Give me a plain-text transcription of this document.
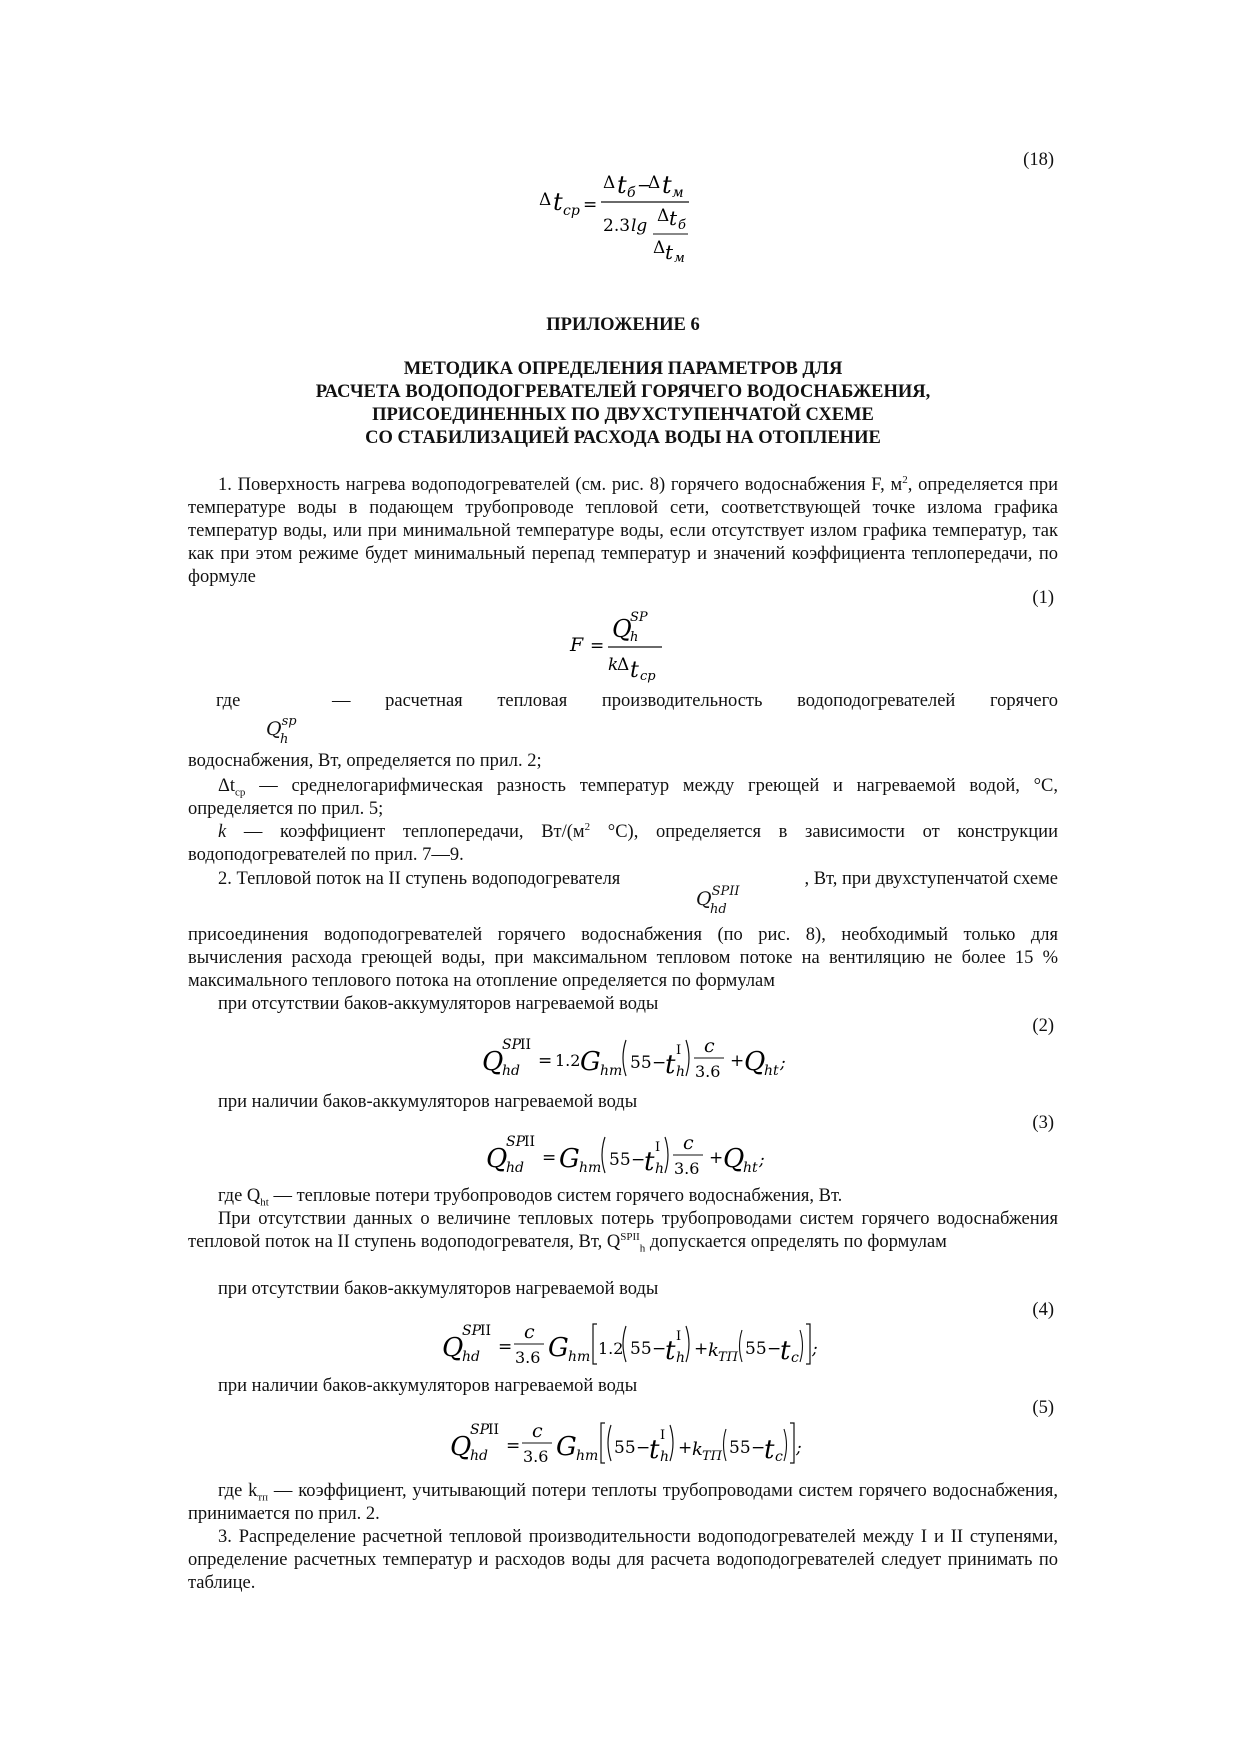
(18)
Δ t ср =
Δ t б −
Δ t м
2.3 lg Δ t б
Δ t м

ПРИЛОЖЕНИЕ 6

МЕТОДИКА ОПРЕДЕЛЕНИЯ ПАРАМЕТРОВ ДЛЯ
РАСЧЕТА ВОДОПОДОГРЕВАТЕЛЕЙ ГОРЯЧЕГО ВОДОСНАБЖЕНИЯ,
ПРИСОЕДИНЕННЫХ ПО ДВУХСТУПЕНЧАТОЙ СХЕМЕ
СО СТАБИЛИЗАЦИЕЙ РАСХОДА ВОДЫ НА ОТОПЛЕНИЕ

1. Поверхность нагрева водоподогревателей (см. рис. 8) горячего водоснабжения F, $м^2$, определяется при температуре воды в подающем трубопроводе тепловой сети, соответствующей точке излома графика температур воды, или при минимальной температуре воды, если отсутствует излом графика температур, так как при этом режиме будет минимальный перепад температур и значений коэффициента теплопередачи, по формуле

(1)
F =
Q
SP
h
k
Δ t ср
где	— расчетная тепловая производительность водоподогревателей горячего

$Q^{sp}$
h

водоснабжения, Вт, определяется по прил. 2;

$\Delta t_{ср}$ — среднелогарифмическая разность температур между греющей и нагреваемой водой, °С, определяется по прил. 5;

k — коэффициент теплопередачи, $Вт/(м^2$ °С), определяется в зависимости от конструкции водоподогревателей по прил. 7—9.

2. Тепловой поток на II ступень водоподогревателя	, Вт, при двухступенчатой схеме

$Q^{SPII}$
hd

присоединения водоподогревателей горячего водоснабжения (по рис. 8), необходимый только для вычисления расхода греющей воды, при максимальном тепловом потоке на вентиляцию не более 15 % максимального теплового потока на отопление определяется по формулам

при отсутствии баков-аккумуляторов нагреваемой воды

(2)
Q
SP
II
hd = 1.2 G hm 55 −
t I
h
c
3.6
+ Q
ht ;

при наличии баков-аккумуляторов нагреваемой воды

(3)
Q
SP
II
hd = G hm 55 −
t I
h
c
3.6
+ Q
ht ;

где $Q_{ht}$ — тепловые потери трубопроводов систем горячего водоснабжения, Вт.

При отсутствии данных о величине тепловых потерь трубопроводами систем горячего водоснабжения тепловой поток на II ступень водоподогревателя, Вт, $Q^{SPII}_h$ допускается определять по формулам

при отсутствии баков-аккумуляторов нагреваемой воды

(4)
Q
SP
II
hd =
c
3.6 G hm 1.2 55 −
t I
h + k ТП 55 −
t c ;

при наличии баков-аккумуляторов нагреваемой воды

(5)
Q
SP
II
hd =
c
3.6 G hm 55 −
t I
h + k ТП 55 −
t c ;

где $k_{тп}$ — коэффициент, учитывающий потери теплоты трубопроводами систем горячего водоснабжения, принимается по прил. 2.

3. Распределение расчетной тепловой производительности водоподогревателей между I и II ступенями, определение расчетных температур и расходов воды для расчета водоподогревателей следует принимать по таблице.
